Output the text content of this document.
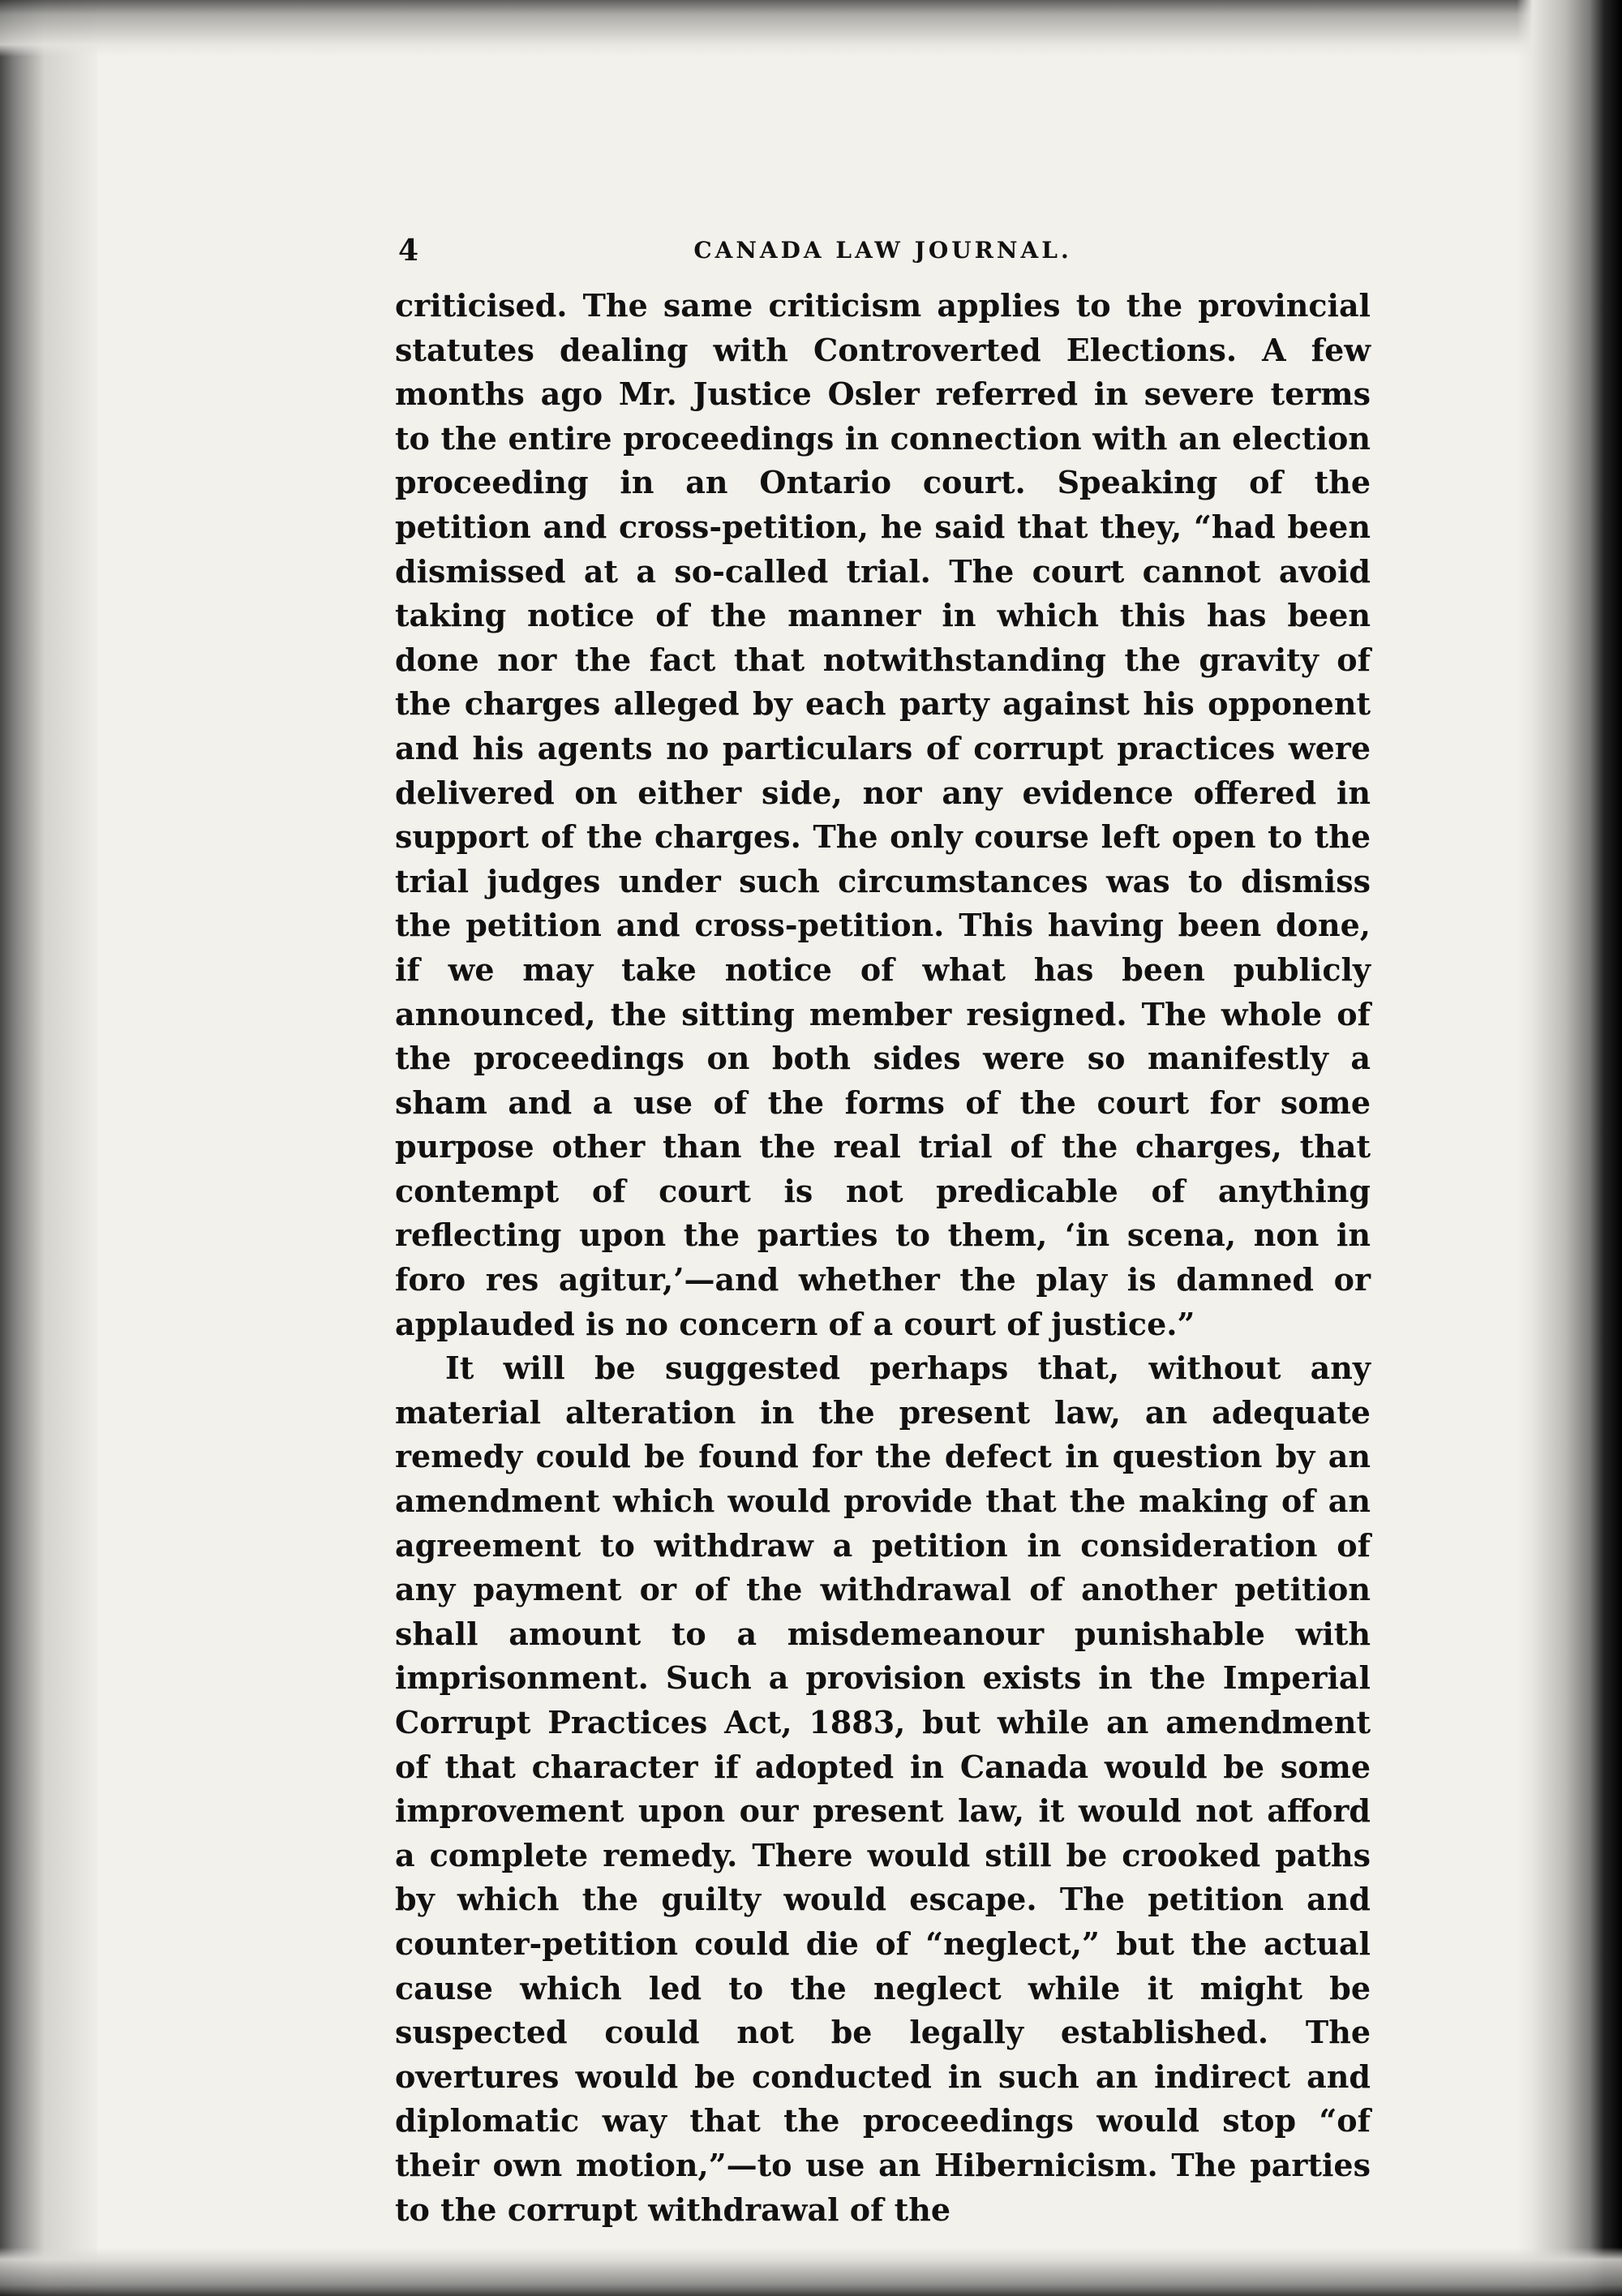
4	CANADA LAW JOURNAL.

criticised. The same criticism applies to the provincial statutes dealing with Controverted Elections. A few months ago Mr. Justice Osler referred in severe terms to the entire proceedings in connection with an election proceeding in an Ontario court. Speaking of the petition and cross-petition, he said that they, “had been dismissed at a so-called trial. The court cannot avoid taking notice of the manner in which this has been done nor the fact that notwithstanding the gravity of the charges alleged by each party against his opponent and his agents no particulars of corrupt practices were delivered on either side, nor any evidence offered in support of the charges. The only course left open to the trial judges under such circumstances was to dismiss the petition and cross-petition. This having been done, if we may take notice of what has been publicly announced, the sitting member resigned. The whole of the proceedings on both sides were so manifestly a sham and a use of the forms of the court for some purpose other than the real trial of the charges, that contempt of court is not predicable of anything reflecting upon the parties to them, ‘in scena, non in foro res agitur,’—and whether the play is damned or applauded is no concern of a court of justice.”

It will be suggested perhaps that, without any material alteration in the present law, an adequate remedy could be found for the defect in question by an amendment which would provide that the making of an agreement to withdraw a petition in consideration of any payment or of the withdrawal of another petition shall amount to a misdemeanour punishable with imprisonment. Such a provision exists in the Imperial Corrupt Practices Act, 1883, but while an amendment of that character if adopted in Canada would be some improvement upon our present law, it would not afford a complete remedy. There would still be crooked paths by which the guilty would escape. The petition and counter-petition could die of “neglect,” but the actual cause which led to the neglect while it might be suspected could not be legally established. The overtures would be conducted in such an indirect and diplomatic way that the proceedings would stop “of their own motion,”—to use an Hibernicism. The parties to the corrupt withdrawal of the
